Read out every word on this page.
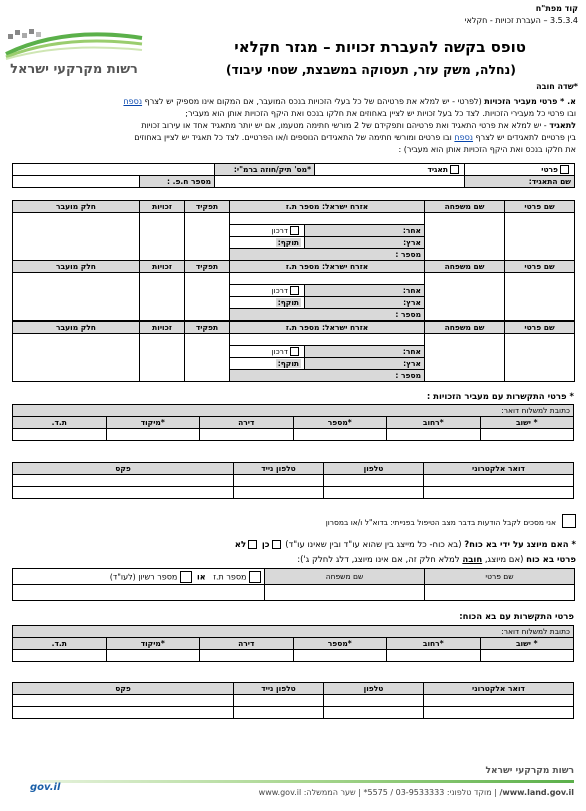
קוד מפת"ח
3.5.3.4 – העברת זכויות - חקלאי
רשות מקרקעי ישראל
טופס בקשה להעברת זכויות – מגזר חקלאי
(נחלה, משק עזר, תעסוקה במשבצת, שטחי עיבוד)
*שדה חובה
א. * פרטי מעביר הזכויות (לפרטי - יש למלא את פרטיהם של כל בעלי הזכויות בנכס המועבר, אם המקום אינו מספיק יש לצרף נספח
ובו פרטי כל מעבירי הזכויות. לצד כל בעל זכויות יש לציין באחוזים את חלקו בנכס ואת היקף הזכויות אותן הוא מעביר;
לתאגיד - יש למלא את פרטי התאגיד ואת פרטיהם ותפקידם של 2 מורשי חתימה מטעמו, אם יש יותר מתאגיד אחד או עירוב זכויות
בין פרטיים לתאגידים יש לצרף נספח ובו פרטים ומורשי חתימה של התאגידים הנוספים ו/או הפרטיים. לצד כל תאגיד יש לציין באחוזים
את חלקו בנכס ואת היקף הזכויות אותן הוא מעביר) :
פרטי	תאגיד	*מס' תיק/חוזה ברמ"י:		
שם התאגיד:			מספר ח.פ. :	
שם פרטי	שם משפחה	אזרח ישראל: מספר ת.ז		תפקיד	זכויות	חלק מועבר

		אחר:	דרכון			
		ארץ:	תוקף:			
		מספר :				
שם פרטי	שם משפחה	אזרח ישראל: מספר ת.ז		תפקיד	זכויות	חלק מועבר

		אחר:	דרכון			
		ארץ:	תוקף:			
		מספר :				
שם פרטי	שם משפחה	אזרח ישראל: מספר ת.ז		תפקיד	זכויות	חלק מועבר

		אחר:	דרכון			
		ארץ:	תוקף:			
		מספר :				
* פרטי התקשרות עם מעביר הזכויות :
כתובת למשלוח דואר:					
* ישוב	*רחוב	*מספר	דירה	*מיקוד	ת.ד.

דואר אלקטרוני	טלפון	טלפון נייד	פקס

אני מסכים לקבל הודעות בדבר מצב הטיפול בפנייתי: בדוא"ל ו/או במסרון
* האם מיוצג על ידי בא כוח? (בא כוח- כל מייצג בין שהוא עו"ד ובין שאינו עו"ד) כן לא
פרטי בא כוח (אם מיוצג, חובה למלא חלק זה, אם אינו מיוצג, דלג לחלק ג'):
שם פרטי	שם משפחה	מספר ת.ז   או   מספר רשיון (לעו"ד)

פרטי התקשרות עם בא הכוח:
כתובת למשלוח דואר:					
* ישוב	*רחוב	*מספר	דירה	*מיקוד	ת.ד.

דואר אלקטרוני	טלפון	טלפון נייד	פקס

רשות מקרקעי ישראל
www.land.gov.il/ | מוקד טלפוני: 03-9533333 / 5575* | שער הממשלה: www.gov.il
gov.il
